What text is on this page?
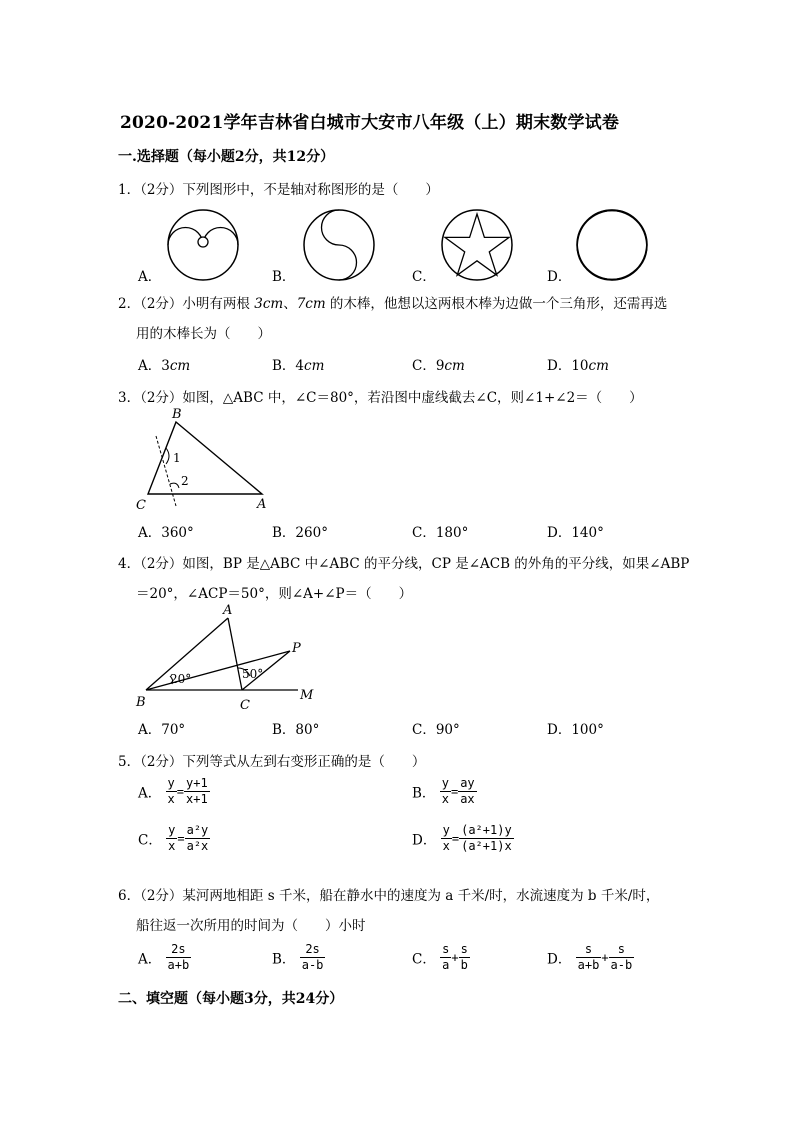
2020-2021学年吉林省白城市大安市八年级（上）期末数学试卷
一.选择题（每小题2分，共12分）
1．（2分）下列图形中，不是轴对称图形的是（　　）
A．	B．	C．	D．
2．（2分）小明有两根 3cm、7cm 的木棒，他想以这两根木棒为边做一个三角形，还需再选
用的木棒长为（　　）
A．3cm	B．4cm	C．9cm	D．10cm
3．（2分）如图，△ABC 中，∠C＝80°，若沿图中虚线截去∠C，则∠1+∠2＝（　　）
B
1
2
C	A
A．360°	B．260°	C．180°	D．140°
4．（2分）如图，BP 是△ABC 中∠ABC 的平分线，CP 是∠ACB 的外角的平分线，如果∠ABP
＝20°，∠ACP＝50°，则∠A+∠P＝（　　）
A
B	C
P
M
20°	50°
A．70°	B．80°	C．90°	D．100°
5．（2分）下列等式从左到右变形正确的是（　　）
A． $\frac{y}{x} = \frac{y+1}{x+1}$	B． $\frac{y}{x} = \frac{ay}{ax}$
C． $\frac{y}{x} = \frac{\text{a²y}}{\text{a²x}}$	D． $\frac{y}{x} = \frac{\text{(a²+1)y}}{\text{(a²+1)x}}$
6．（2分）某河两地相距 s 千米，船在静水中的速度为 a 千米/时，水流速度为 b 千米/时，
船往返一次所用的时间为（　　）小时
A． $\frac{2s}{a+b}$	B． $\frac{2s}{a-b}$	C． $\frac{s}{a} + \frac{s}{b}$	D． $\frac{s}{a+b} + \frac{s}{a-b}$
二、填空题（每小题3分，共24分）
